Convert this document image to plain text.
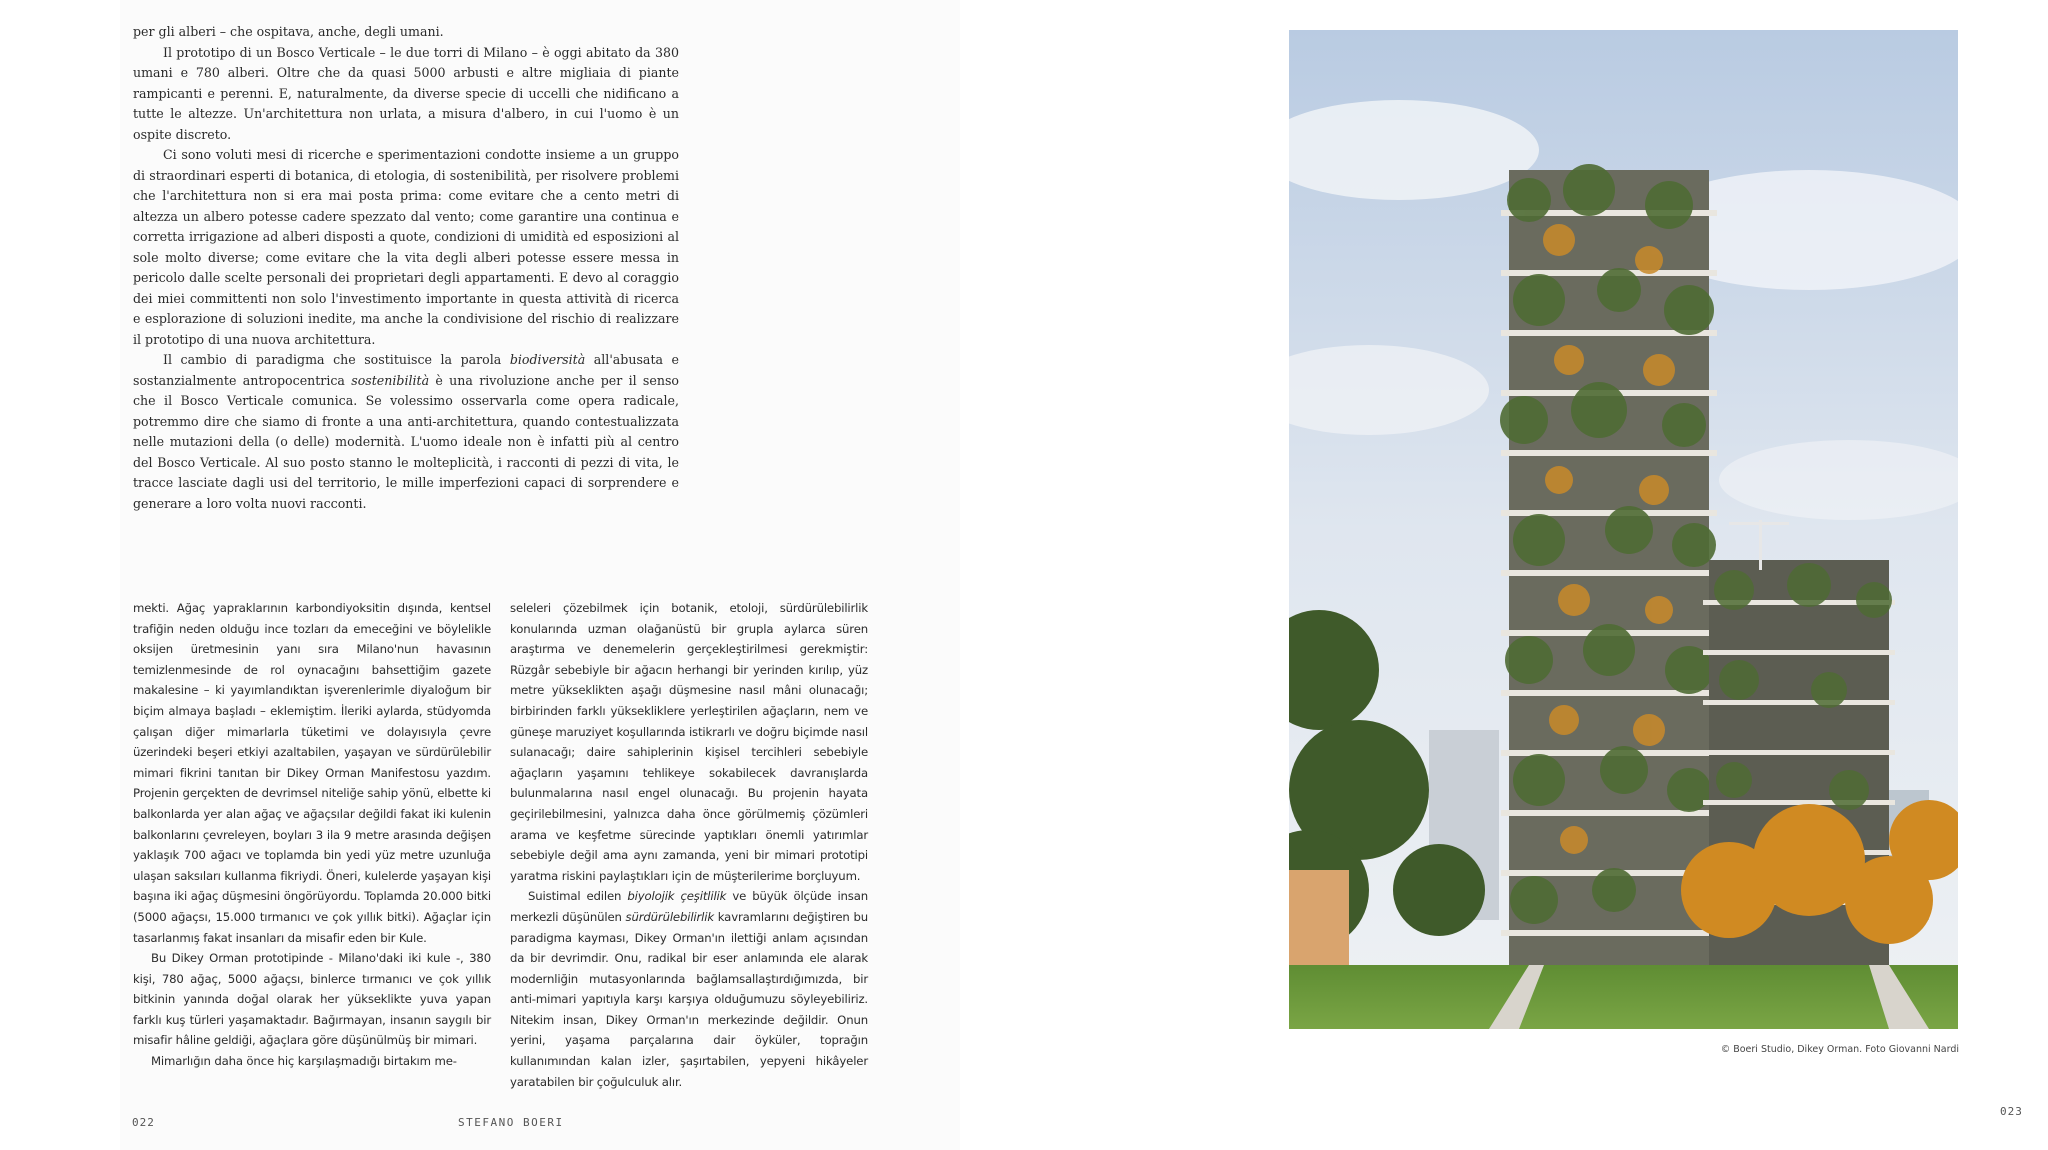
per gli alberi – che ospitava, anche, degli umani.

Il prototipo di un Bosco Verticale – le due torri di Milano – è oggi abitato da 380 umani e 780 alberi. Oltre che da quasi 5000 arbusti e altre migliaia di piante rampicanti e perenni. E, naturalmente, da diverse specie di uccelli che nidificano a tutte le altezze. Un'architettura non urlata, a misura d'albero, in cui l'uomo è un ospite discreto.

Ci sono voluti mesi di ricerche e sperimentazioni condotte insieme a un gruppo di straordinari esperti di botanica, di etologia, di sostenibilità, per risolvere problemi che l'architettura non si era mai posta prima: come evitare che a cento metri di altezza un albero potesse cadere spezzato dal vento; come garantire una continua e corretta irrigazione ad alberi disposti a quote, condizioni di umidità ed esposizioni al sole molto diverse; come evitare che la vita degli alberi potesse essere messa in pericolo dalle scelte personali dei proprietari degli appartamenti. E devo al coraggio dei miei committenti non solo l'investimento importante in questa attività di ricerca e esplorazione di soluzioni inedite, ma anche la condivisione del rischio di realizzare il prototipo di una nuova architettura.

Il cambio di paradigma che sostituisce la parola biodiversità all'abusata e sostanzialmente antropocentrica sostenibilità è una rivoluzione anche per il senso che il Bosco Verticale comunica. Se volessimo osservarla come opera radicale, potremmo dire che siamo di fronte a una anti-architettura, quando contestualizzata nelle mutazioni della (o delle) modernità. L'uomo ideale non è infatti più al centro del Bosco Verticale. Al suo posto stanno le molteplicità, i racconti di pezzi di vita, le tracce lasciate dagli usi del territorio, le mille imperfezioni capaci di sorprendere e generare a loro volta nuovi racconti.

mekti. Ağaç yapraklarının karbondiyoksitin dışında, kentsel trafiğin neden olduğu ince tozları da emeceğini ve böylelikle oksijen üretmesinin yanı sıra Milano'nun havasının temizlenmesinde de rol oynacağını bahsettiğim gazete makalesine – ki yayımlandıktan işverenlerimle diyaloğum bir biçim almaya başladı – eklemiştim. İleriki aylarda, stüdyomda çalışan diğer mimarlarla tüketimi ve dolayısıyla çevre üzerindeki beşeri etkiyi azaltabilen, yaşayan ve sürdürülebilir mimari fikrini tanıtan bir Dikey Orman Manifestosu yazdım. Projenin gerçekten de devrimsel niteliğe sahip yönü, elbette ki balkonlarda yer alan ağaç ve ağaçsılar değildi fakat iki kulenin balkonlarını çevreleyen, boyları 3 ila 9 metre arasında değişen yaklaşık 700 ağacı ve toplamda bin yedi yüz metre uzunluğa ulaşan saksıları kullanma fikriydi. Öneri, kulelerde yaşayan kişi başına iki ağaç düşmesini öngörüyordu. Toplamda 20.000 bitki (5000 ağaçsı, 15.000 tırmanıcı ve çok yıllık bitki). Ağaçlar için tasarlanmış fakat insanları da misafir eden bir Kule.

Bu Dikey Orman prototipinde - Milano'daki iki kule -, 380 kişi, 780 ağaç, 5000 ağaçsı, binlerce tırmanıcı ve çok yıllık bitkinin yanında doğal olarak her yükseklikte yuva yapan farklı kuş türleri yaşamaktadır. Bağırmayan, insanın saygılı bir misafir hâline geldiği, ağaçlara göre düşünülmüş bir mimari.

Mimarlığın daha önce hiç karşılaşmadığı birtakım me-

seleleri çözebilmek için botanik, etoloji, sürdürülebilirlik konularında uzman olağanüstü bir grupla aylarca süren araştırma ve denemelerin gerçekleştirilmesi gerekmiştir: Rüzgâr sebebiyle bir ağacın herhangi bir yerinden kırılıp, yüz metre yükseklikten aşağı düşmesine nasıl mâni olunacağı; birbirinden farklı yüksekliklere yerleştirilen ağaçların, nem ve güneşe maruziyet koşullarında istikrarlı ve doğru biçimde nasıl sulanacağı; daire sahiplerinin kişisel tercihleri sebebiyle ağaçların yaşamını tehlikeye sokabilecek davranışlarda bulunmalarına nasıl engel olunacağı. Bu projenin hayata geçirilebilmesini, yalnızca daha önce görülmemiş çözümleri arama ve keşfetme sürecinde yaptıkları önemli yatırımlar sebebiyle değil ama aynı zamanda, yeni bir mimari prototipi yaratma riskini paylaştıkları için de müşterilerime borçluyum.

Suistimal edilen biyolojik çeşitlilik ve büyük ölçüde insan merkezli düşünülen sürdürülebilirlik kavramlarını değiştiren bu paradigma kayması, Dikey Orman'ın ilettiği anlam açısından da bir devrimdir. Onu, radikal bir eser anlamında ele alarak modernliğin mutasyonlarında bağlamsallaştırdığımızda, bir anti-mimari yapıtıyla karşı karşıya olduğumuzu söyleyebiliriz. Nitekim insan, Dikey Orman'ın merkezinde değildir. Onun yerini, yaşama parçalarına dair öyküler, toprağın kullanımından kalan izler, şaşırtabilen, yepyeni hikâyeler yaratabilen bir çoğulculuk alır.

022	STEFANO BOERI
© Boeri Studio, Dikey Orman. Foto Giovanni Nardi
023
